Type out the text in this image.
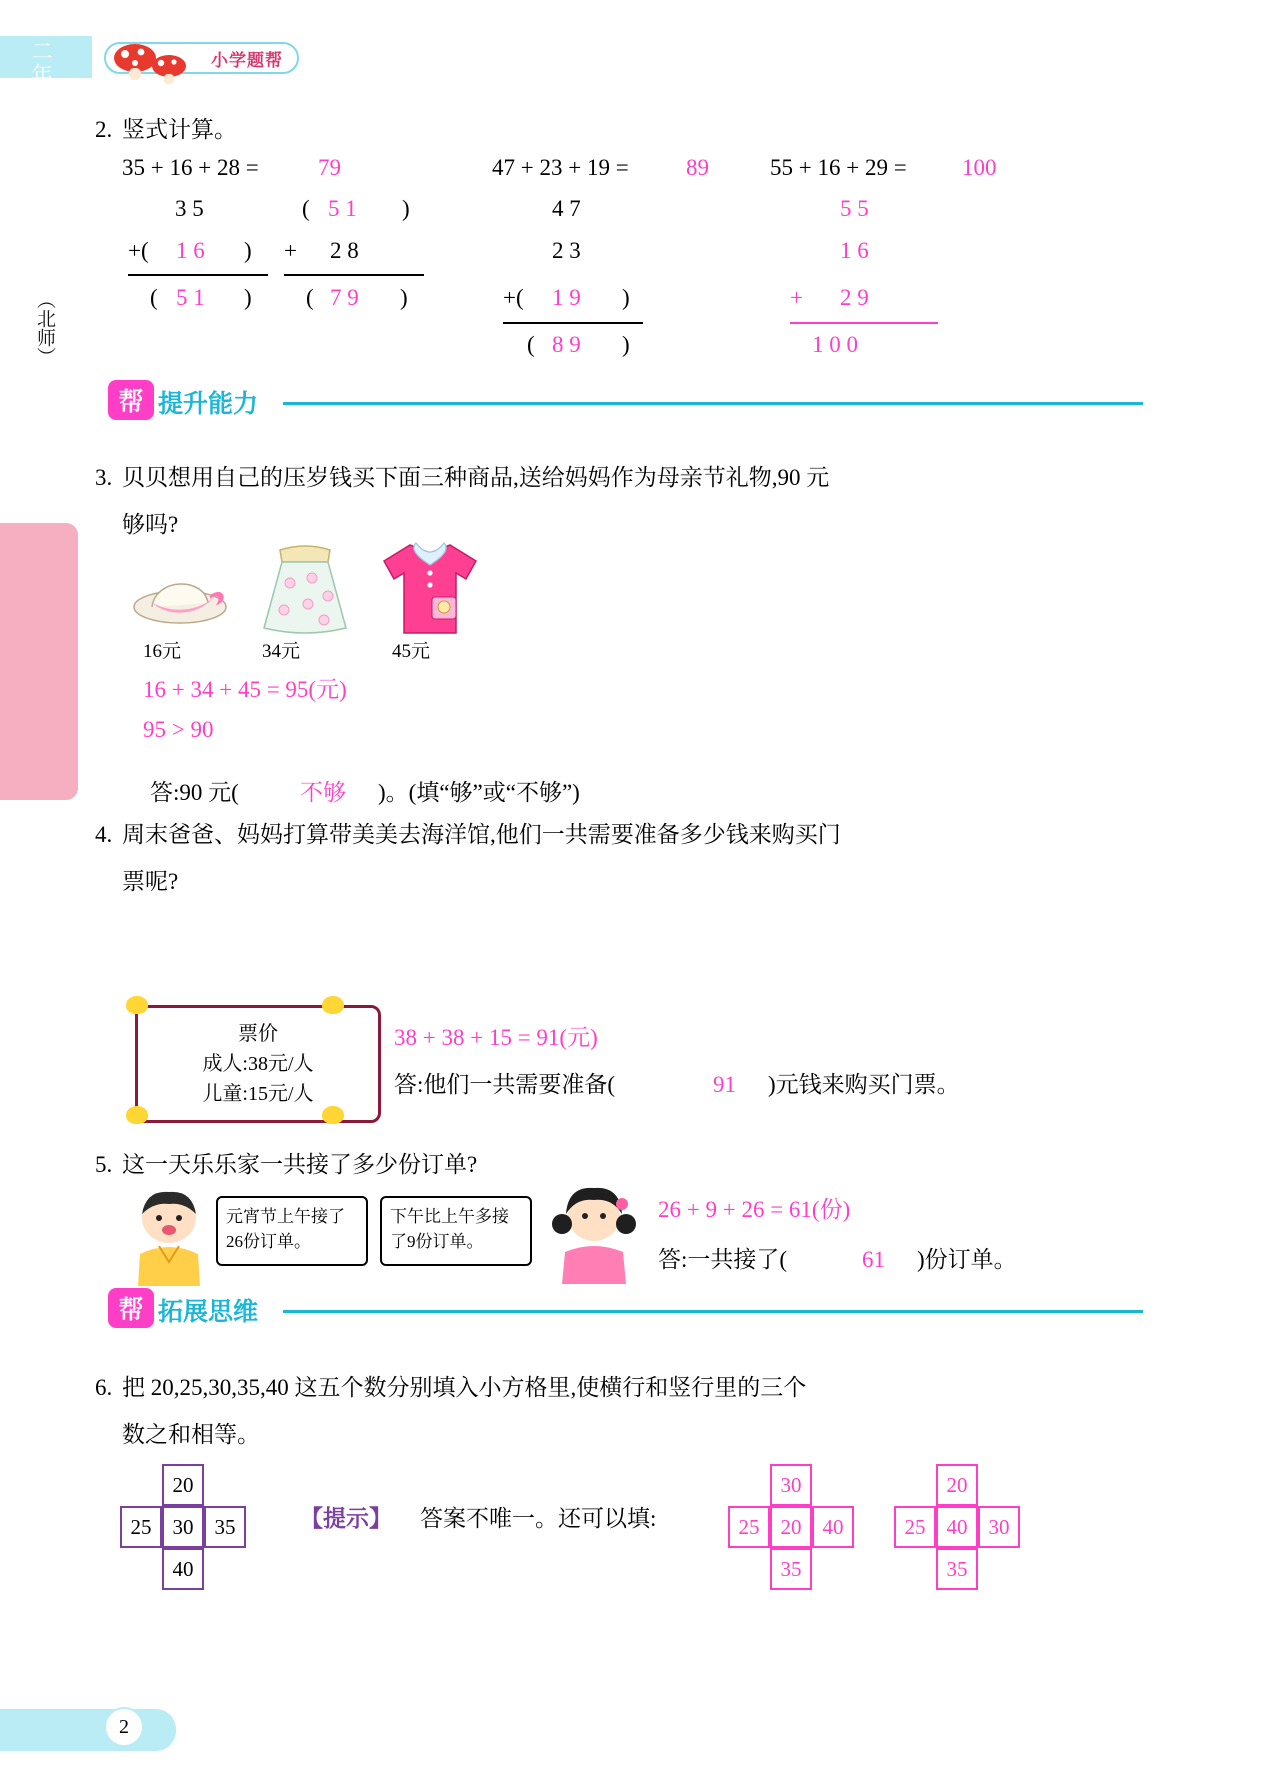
小学题帮
二年级数学·上
（北师）
2. 竖式计算。
35 + 16 + 28 =	79
3 5
+( 1 6 )
( 5 1 )
( 5 1 )
+ 2 8
( 7 9 )
47 + 23 + 19 = 89
4 7
2 3
+( 1 9 )
( 8 9 )
55 + 16 + 29 = 100
5 5
1 6
+ 2 9
1 0 0
帮 提升能力
3. 贝贝想用自己的压岁钱买下面三种商品,送给妈妈作为母亲节礼物,90 元
够吗?
16元	34元	45元
16 + 34 + 45 = 95(元)
95 > 90
答:90 元(	不够 )。(填“够”或“不够”)
4. 周末爸爸、妈妈打算带美美去海洋馆,他们一共需要准备多少钱来购买门
票呢?
票价
成人:38元/人
儿童:15元/人
38 + 38 + 15 = 91(元)
答:他们一共需要准备(	91 )元钱来购买门票。
5. 这一天乐乐家一共接了多少份订单?
元宵节上午接了26份订单。
下午比上午多接了9份订单。
26 + 9 + 26 = 61(份)
答:一共接了(	61 )份订单。
帮 拓展思维
6. 把 20,25,30,35,40 这五个数分别填入小方格里,使横行和竖行里的三个
数之和相等。
20
25	30	35
40
【提示】 答案不唯一。还可以填:
30
25	20	40
35
20
25	40	30
35
2
